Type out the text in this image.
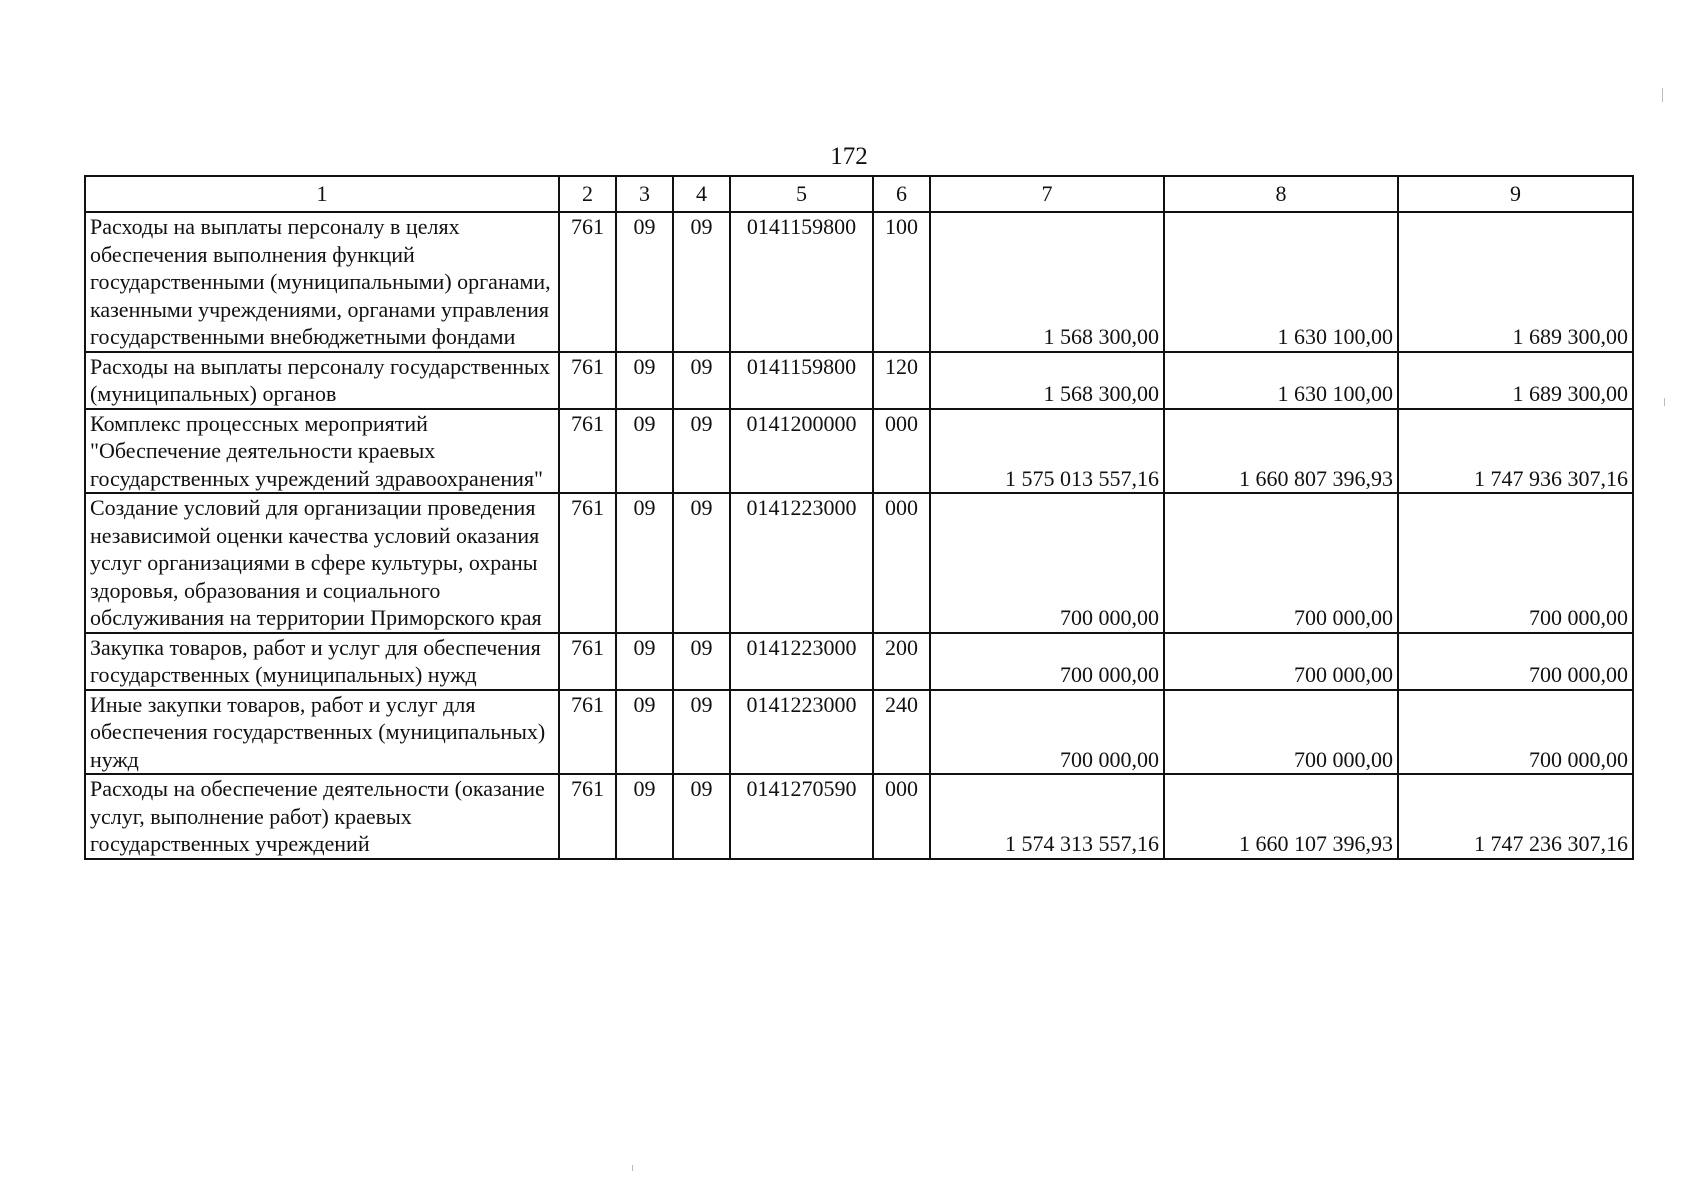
172
1	2	3	4	5	6	7	8	9
Расходы на выплаты персоналу в целях обеспечения выполнения функций государственными (муниципальными) органами, казенными учреждениями, органами управления государственными внебюджетными фондами	761	09	09	0141159800	100	1 568 300,00	1 630 100,00	1 689 300,00
Расходы на выплаты персоналу государственных (муниципальных) органов	761	09	09	0141159800	120	1 568 300,00	1 630 100,00	1 689 300,00
Комплекс процессных мероприятий "Обеспечение деятельности краевых государственных учреждений здравоохранения"	761	09	09	0141200000	000	1 575 013 557,16	1 660 807 396,93	1 747 936 307,16
Создание условий для организации проведения независимой оценки качества условий оказания услуг организациями в сфере культуры, охраны здоровья, образования и социального обслуживания на территории Приморского края	761	09	09	0141223000	000	700 000,00	700 000,00	700 000,00
Закупка товаров, работ и услуг для обеспечения государственных (муниципальных) нужд	761	09	09	0141223000	200	700 000,00	700 000,00	700 000,00
Иные закупки товаров, работ и услуг для обеспечения государственных (муниципальных) нужд	761	09	09	0141223000	240	700 000,00	700 000,00	700 000,00
Расходы на обеспечение деятельности (оказание услуг, выполнение работ) краевых государственных учреждений	761	09	09	0141270590	000	1 574 313 557,16	1 660 107 396,93	1 747 236 307,16
